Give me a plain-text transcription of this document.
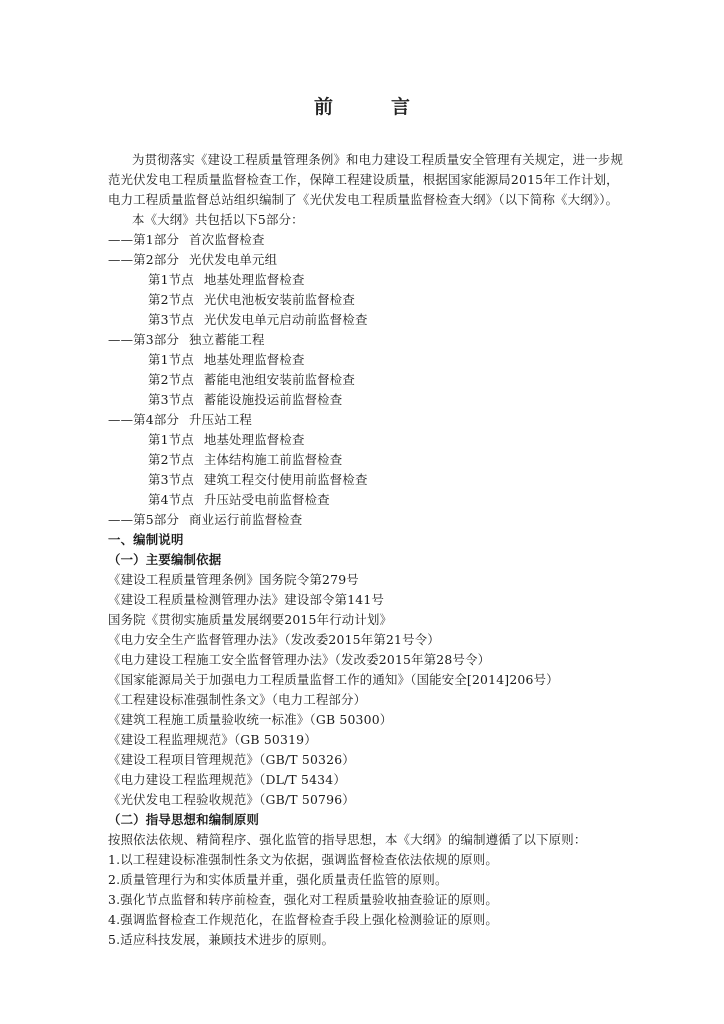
前	言

为贯彻落实《建设工程质量管理条例》和电力建设工程质量安全管理有关规定，进一步规范光伏发电工程质量监督检查工作，保障工程建设质量，根据国家能源局2015年工作计划，电力工程质量监督总站组织编制了《光伏发电工程质量监督检查大纲》（以下简称《大纲》）。

本《大纲》共包括以下5部分：

——第1部分 首次监督检查

——第2部分 光伏发电单元组

第1节点 地基处理监督检查

第2节点 光伏电池板安装前监督检查

第3节点 光伏发电单元启动前监督检查

——第3部分 独立蓄能工程

第1节点 地基处理监督检查

第2节点 蓄能电池组安装前监督检查

第3节点 蓄能设施投运前监督检查

——第4部分 升压站工程

第1节点 地基处理监督检查

第2节点 主体结构施工前监督检查

第3节点 建筑工程交付使用前监督检查

第4节点 升压站受电前监督检查

——第5部分 商业运行前监督检查

一、编制说明

（一）主要编制依据

《建设工程质量管理条例》国务院令第279号

《建设工程质量检测管理办法》建设部令第141号

国务院《贯彻实施质量发展纲要2015年行动计划》

《电力安全生产监督管理办法》（发改委2015年第21号令）

《电力建设工程施工安全监督管理办法》（发改委2015年第28号令）

《国家能源局关于加强电力工程质量监督工作的通知》（国能安全[2014]206号）

《工程建设标准强制性条文》（电力工程部分）

《建筑工程施工质量验收统一标准》（GB 50300）

《建设工程监理规范》（GB 50319）

《建设工程项目管理规范》（GB/T 50326）

《电力建设工程监理规范》（DL/T 5434）

《光伏发电工程验收规范》（GB/T 50796）

（二）指导思想和编制原则

按照依法依规、精简程序、强化监管的指导思想，本《大纲》的编制遵循了以下原则：

1.以工程建设标准强制性条文为依据，强调监督检查依法依规的原则。

2.质量管理行为和实体质量并重，强化质量责任监管的原则。

3.强化节点监督和转序前检查，强化对工程质量验收抽查验证的原则。

4.强调监督检查工作规范化，在监督检查手段上强化检测验证的原则。

5.适应科技发展，兼顾技术进步的原则。
